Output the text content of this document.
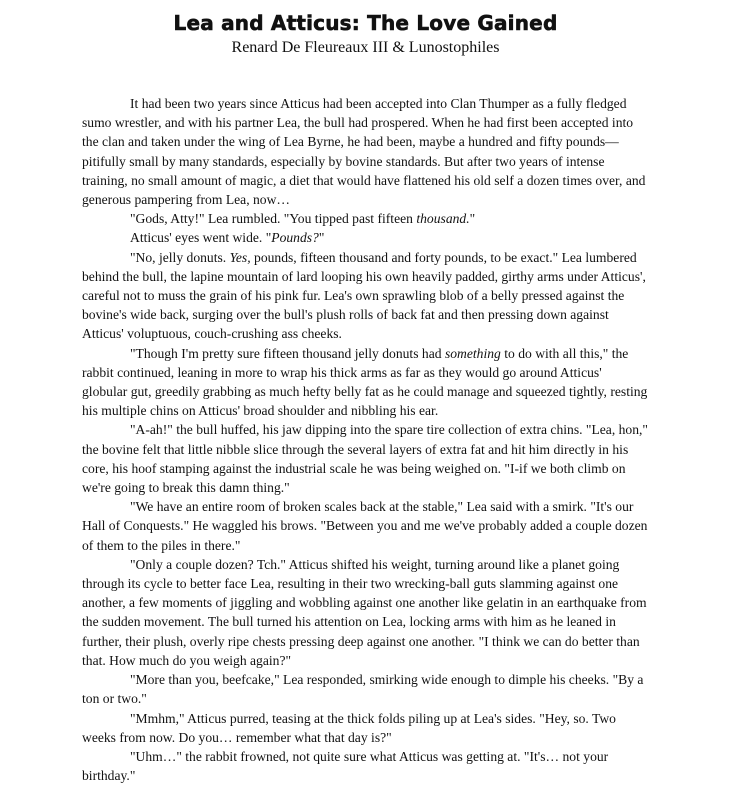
Lea and Atticus: The Love Gained
Renard De Fleureaux III & Lunostophiles

It had been two years since Atticus had been accepted into Clan Thumper as a fully fledged sumo wrestler, and with his partner Lea, the bull had prospered. When he had first been accepted into the clan and taken under the wing of Lea Byrne, he had been, maybe a hundred and fifty pounds— pitifully small by many standards, especially by bovine standards. But after two years of intense training, no small amount of magic, a diet that would have flattened his old self a dozen times over, and generous pampering from Lea, now…

"Gods, Atty!" Lea rumbled. "You tipped past fifteen thousand."

Atticus' eyes went wide. "Pounds?"

"No, jelly donuts. Yes, pounds, fifteen thousand and forty pounds, to be exact." Lea lumbered behind the bull, the lapine mountain of lard looping his own heavily padded, girthy arms under Atticus', careful not to muss the grain of his pink fur. Lea's own sprawling blob of a belly pressed against the bovine's wide back, surging over the bull's plush rolls of back fat and then pressing down against Atticus' voluptuous, couch-crushing ass cheeks.

"Though I'm pretty sure fifteen thousand jelly donuts had something to do with all this," the rabbit continued, leaning in more to wrap his thick arms as far as they would go around Atticus' globular gut, greedily grabbing as much hefty belly fat as he could manage and squeezed tightly, resting his multiple chins on Atticus' broad shoulder and nibbling his ear.

"A-ah!" the bull huffed, his jaw dipping into the spare tire collection of extra chins. "Lea, hon," the bovine felt that little nibble slice through the several layers of extra fat and hit him directly in his core, his hoof stamping against the industrial scale he was being weighed on. "I-if we both climb on we're going to break this damn thing."

"We have an entire room of broken scales back at the stable," Lea said with a smirk. "It's our Hall of Conquests." He waggled his brows. "Between you and me we've probably added a couple dozen of them to the piles in there."

"Only a couple dozen? Tch." Atticus shifted his weight, turning around like a planet going through its cycle to better face Lea, resulting in their two wrecking-ball guts slamming against one another, a few moments of jiggling and wobbling against one another like gelatin in an earthquake from the sudden movement. The bull turned his attention on Lea, locking arms with him as he leaned in further, their plush, overly ripe chests pressing deep against one another. "I think we can do better than that. How much do you weigh again?"

"More than you, beefcake," Lea responded, smirking wide enough to dimple his cheeks. "By a ton or two."

"Mmhm," Atticus purred, teasing at the thick folds piling up at Lea's sides. "Hey, so. Two weeks from now. Do you… remember what that day is?"

"Uhm…" the rabbit frowned, not quite sure what Atticus was getting at. "It's… not your birthday."
